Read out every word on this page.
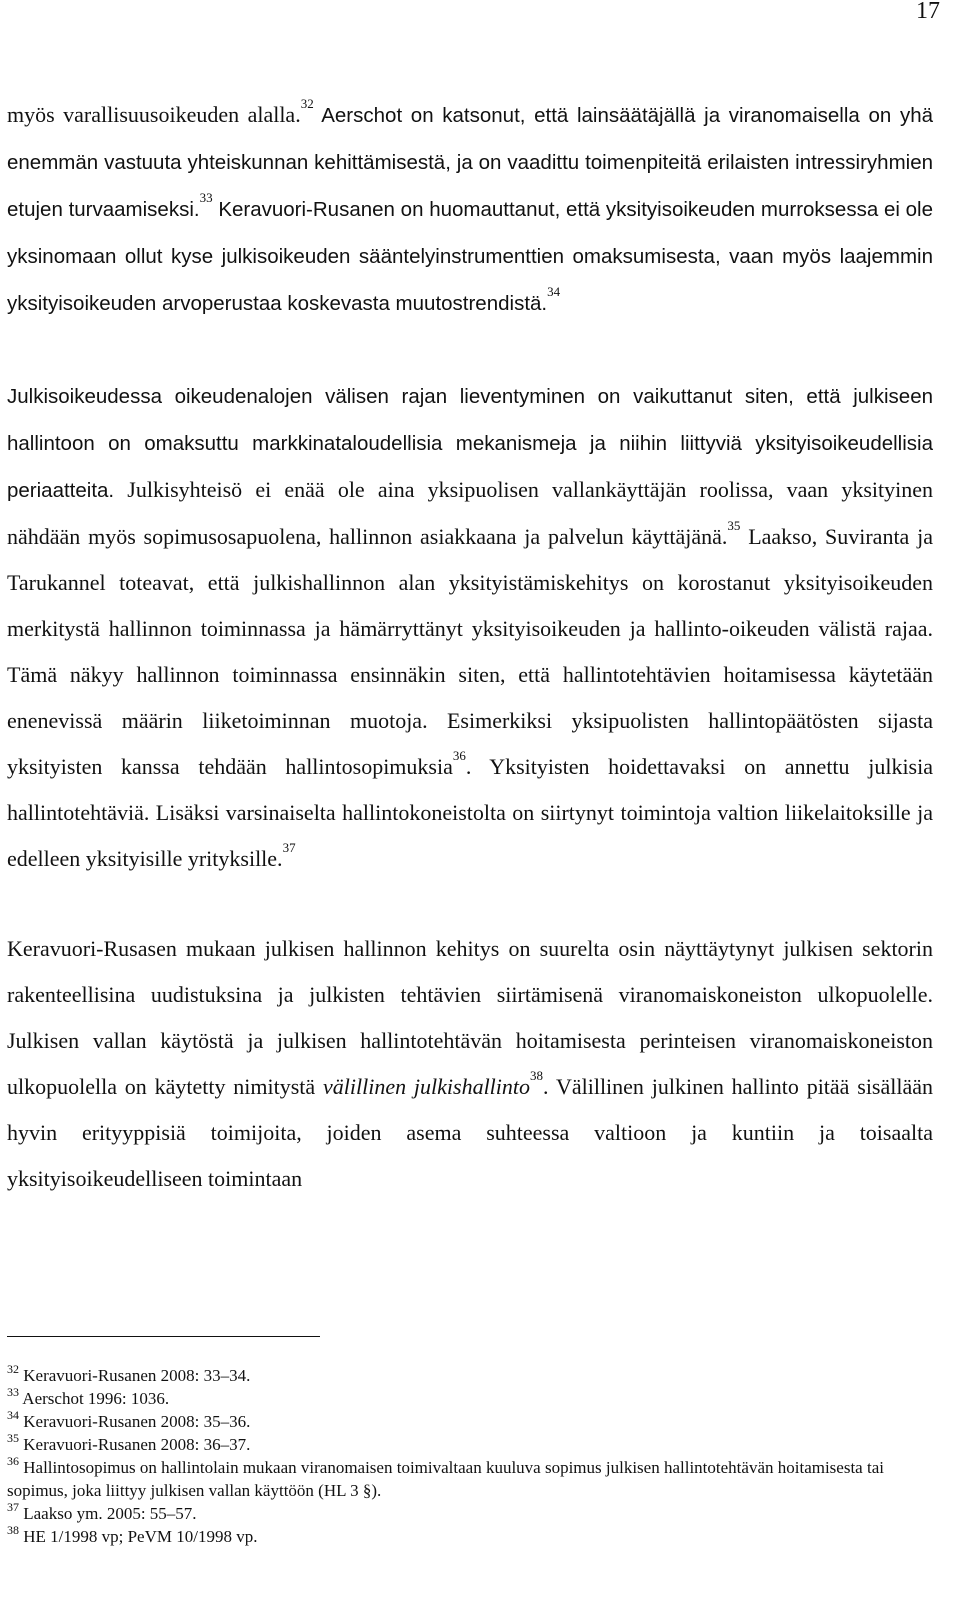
17

myös varallisuusoikeuden alalla.$^{32}$ Aerschot on katsonut, että lainsäätäjällä ja viranomaisella on yhä enemmän vastuuta yhteiskunnan kehittämisestä, ja on vaadittu toimenpiteitä erilaisten intressiryhmien etujen turvaamiseksi.$^{33}$ Keravuori-Rusanen on huomauttanut, että yksityisoikeuden murroksessa ei ole yksinomaan ollut kyse julkisoikeuden sääntelyinstrumenttien omaksumisesta, vaan myös laajemmin yksityisoikeuden arvoperustaa koskevasta muutostrendistä.$^{34}$

Julkisoikeudessa oikeudenalojen välisen rajan lieventyminen on vaikuttanut siten, että julkiseen hallintoon on omaksuttu markkinataloudellisia mekanismeja ja niihin liittyviä yksityisoikeudellisia periaatteita. Julkisyhteisö ei enää ole aina yksipuolisen vallankäyttäjän roolissa, vaan yksityinen nähdään myös sopimusosapuolena, hallinnon asiakkaana ja palvelun käyttäjänä.$^{35}$ Laakso, Suviranta ja Tarukannel toteavat, että julkishallinnon alan yksityistämiskehitys on korostanut yksityisoikeuden merkitystä hallinnon toiminnassa ja hämärryttänyt yksityisoikeuden ja hallinto-oikeuden välistä rajaa. Tämä näkyy hallinnon toiminnassa ensinnäkin siten, että hallintotehtävien hoitamisessa käytetään enenevissä määrin liiketoiminnan muotoja. Esimerkiksi yksipuolisten hallintopäätösten sijasta yksityisten kanssa tehdään hallintosopimuksia$^{36}$. Yksityisten hoidettavaksi on annettu julkisia hallintotehtäviä. Lisäksi varsinaiselta hallintokoneistolta on siirtynyt toimintoja valtion liikelaitoksille ja edelleen yksityisille yrityksille.$^{37}$

Keravuori-Rusasen mukaan julkisen hallinnon kehitys on suurelta osin näyttäytynyt julkisen sektorin rakenteellisina uudistuksina ja julkisten tehtävien siirtämisenä viranomaiskoneiston ulkopuolelle. Julkisen vallan käytöstä ja julkisen hallintotehtävän hoitamisesta perinteisen viranomaiskoneiston ulkopuolella on käytetty nimitystä välillinen julkishallinto$^{38}$. Välillinen julkinen hallinto pitää sisällään hyvin erityyppisiä toimijoita, joiden asema suhteessa valtioon ja kuntiin ja toisaalta yksityisoikeudelliseen toimintaan

$^{32}$ Keravuori-Rusanen 2008: 33–34.

$^{33}$ Aerschot 1996: 1036.

$^{34}$ Keravuori-Rusanen 2008: 35–36.

$^{35}$ Keravuori-Rusanen 2008: 36–37.

$^{36}$ Hallintosopimus on hallintolain mukaan viranomaisen toimivaltaan kuuluva sopimus julkisen hallintotehtävän hoitamisesta tai sopimus, joka liittyy julkisen vallan käyttöön (HL 3 §).

$^{37}$ Laakso ym. 2005: 55–57.

$^{38}$ HE 1/1998 vp; PeVM 10/1998 vp.
